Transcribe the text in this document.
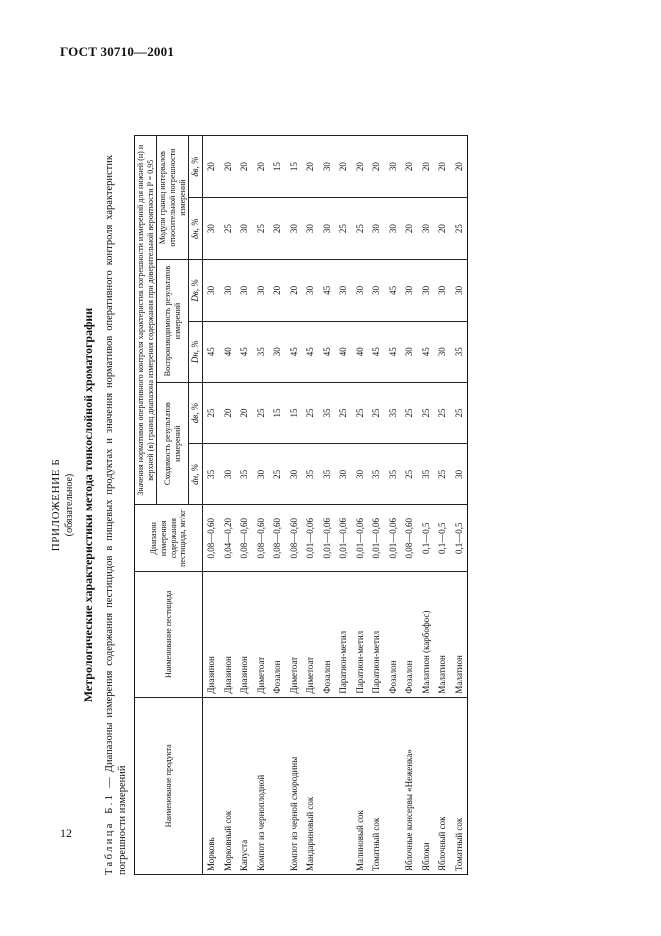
ГОСТ 30710—2001
ПРИЛОЖЕНИЕ Б (обязательное) Метрологические характеристики метода тонкослойной хроматографии
Таблица Б.1 — Диапазоны измерения содержания пестицидов в пищевых продуктах и значения нормативов оперативного контроля характеристик погрешности измерений	Наименование продукта	Наименование пестицида	Диапазон измерения содержания пестицида, мг/кг	Значения нормативов оперативного контроля характеристик погрешности измерений для нижней (н) и верхней (в) границ диапазона измерения содержания при доверительной вероятности P = 0,95					
			Сходимость результатов измерений		Воспроизводимость результатов измерений		Модули границ интервалов относительной погрешности измерений	
			dн, %	dв, %	Dн, %	Dв, %	δн, %	δв, %
Морковь	Диазинон	0,08—0,60	35	25	45	30	30	20
Морковный сок	Диазинон	0,04—0,20	30	20	40	30	25	20
Капуста	Диазинон	0,08—0,60	35	20	45	30	30	20
Компот из черноплодной	Диметоат	0,08—0,60	30	25	35	30	25	20
	Фозалон	0,08—0,60	25	15	30	20	20	15
Компот из черной смородины	Диметоат	0,08—0,60	30	15	45	20	30	15
Мандариновый сок	Диметоат	0,01—0,06	35	25	45	30	30	20
	Фозалон	0,01—0,06	35	35	45	45	30	30
	Паратион-метил	0,01—0,06	30	25	40	30	25	20
Малиновый сок	Паратион-метил	0,01—0,06	30	25	40	30	25	20
Томатный сок	Паратион-метил	0,01—0,06	35	25	45	30	30	20
	Фозалон	0,01—0,06	35	35	45	45	30	30
Яблочные консервы «Неженка»	Фозалон	0,08—0,60	25	25	30	30	20	20
Яблоки	Малатион (карбофос)	0,1—0,5	35	25	45	30	30	20
Яблочный сок	Малатион	0,1—0,5	25	25	30	30	20	20
Томатный сок	Малатион	0,1—0,5	30	25	35	30	25	20
12
